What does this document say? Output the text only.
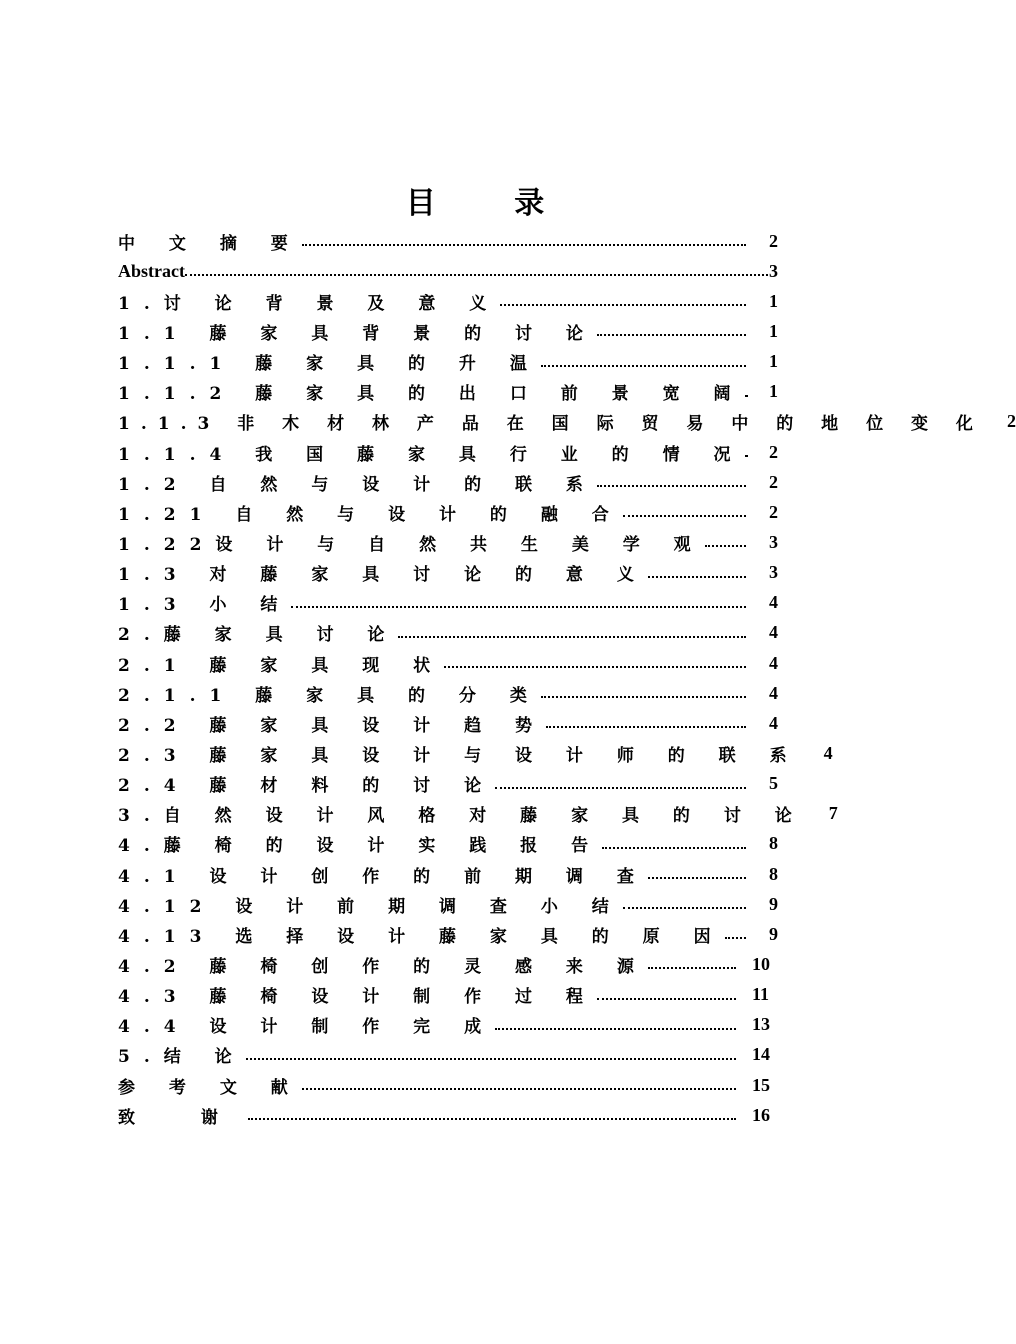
目 录
中 文 摘 要	2
Abstract	3
1.讨 论 背 景 及 意 义	1
1.1 藤 家 具 背 景 的 讨 论	1
1.1.1 藤 家 具 的 升 温	1
1.1.2 藤 家 具 的 出 口 前 景 宽 阔	1
1.1.3 非 木 材 林 产 品 在 国 际 贸 易 中 的 地 位 变 化	2
1.1.4 我 国 藤 家 具 行 业 的 情 况	2
1.2 自 然 与 设 计 的 联 系	2
1.21 自 然 与 设 计 的 融 合	2
1.22设 计 与 自 然 共 生 美 学 观	3
1.3 对 藤 家 具 讨 论 的 意 义	3
1.3 小 结	4
2.藤 家 具 讨 论	4
2.1 藤 家 具 现 状	4
2.1.1 藤 家 具 的 分 类	4
2.2 藤 家 具 设 计 趋 势	4
2.3 藤 家 具 设 计 与 设 计 师 的 联 系	4
2.4 藤 材 料 的 讨 论	5
3.自 然 设 计 风 格 对 藤 家 具 的 讨 论	7
4.藤 椅 的 设 计 实 践 报 告	8
4.1 设 计 创 作 的 前 期 调 查	8
4.12 设 计 前 期 调 查 小 结	9
4.13 选 择 设 计 藤 家 具 的 原 因	9
4.2 藤 椅 创 作 的 灵 感 来 源	10
4.3 藤 椅 设 计 制 作 过 程	11
4.4 设 计 制 作 完 成	13
5.结 论	14
参 考 文 献	15
致 谢	16
